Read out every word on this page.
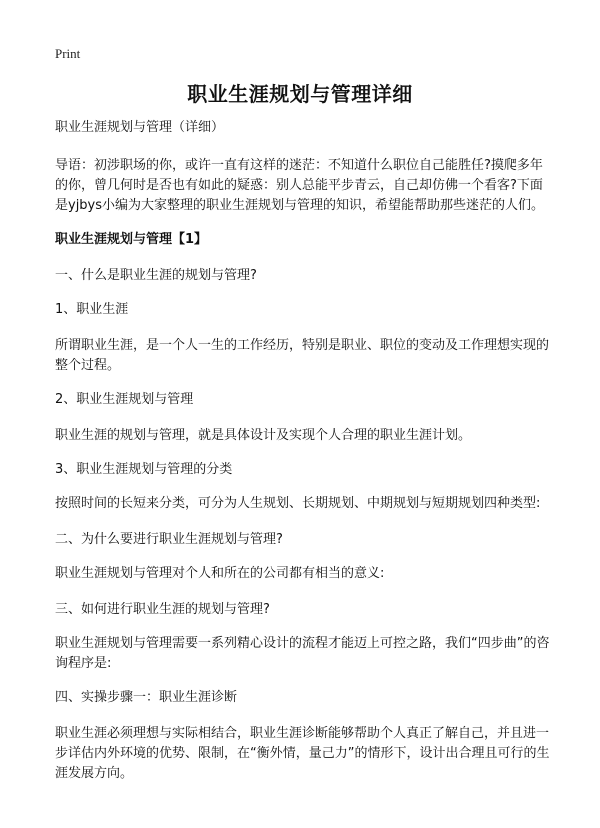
Print
职业生涯规划与管理详细

职业生涯规划与管理（详细）

导语：初涉职场的你，或许一直有这样的迷茫：不知道什么职位自己能胜任?摸爬多年的你，曾几何时是否也有如此的疑惑：别人总能平步青云，自己却仿佛一个看客?下面是yjbys小编为大家整理的职业生涯规划与管理的知识，希望能帮助那些迷茫的人们。

职业生涯规划与管理【1】

一、什么是职业生涯的规划与管理?

1、职业生涯

所谓职业生涯，是一个人一生的工作经历，特别是职业、职位的变动及工作理想实现的整个过程。

2、职业生涯规划与管理

职业生涯的规划与管理，就是具体设计及实现个人合理的职业生涯计划。

3、职业生涯规划与管理的分类

按照时间的长短来分类，可分为人生规划、长期规划、中期规划与短期规划四种类型:

二、为什么要进行职业生涯规划与管理?

职业生涯规划与管理对个人和所在的公司都有相当的意义:

三、如何进行职业生涯的规划与管理?

职业生涯规划与管理需要一系列精心设计的流程才能迈上可控之路，我们“四步曲”的咨询程序是:

四、实操步骤一：职业生涯诊断

职业生涯必须理想与实际相结合，职业生涯诊断能够帮助个人真正了解自己，并且进一步详估内外环境的优势、限制，在“衡外情，量己力”的情形下，设计出合理且可行的生涯发展方向。
